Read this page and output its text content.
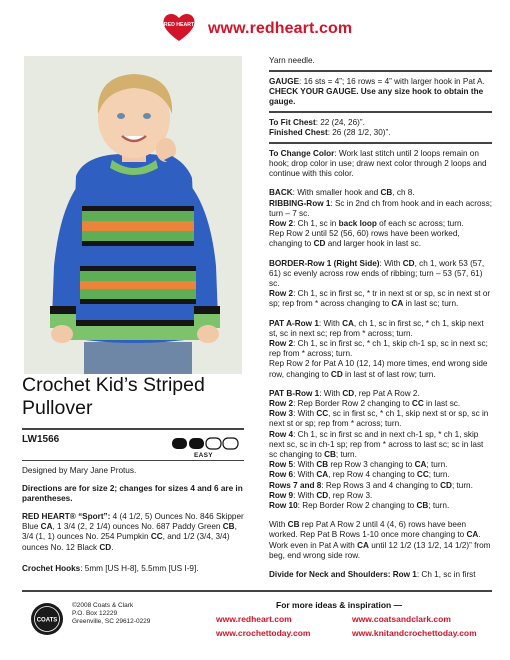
RED HEART www.redheart.com
Crochet Kid’s Striped Pullover
LW1566
EASY
Designed by Mary Jane Protus.
Directions are for size 2; changes for sizes 4 and 6 are in parentheses.
RED HEART® “Sport”: 4 (4 1/2, 5) Ounces No. 846 Skipper Blue CA, 1 3/4 (2, 2 1/4) ounces No. 687 Paddy Green CB, 3/4 (1, 1) ounces No. 254 Pumpkin CC, and 1/2 (3/4, 3/4) ounces No. 12 Black CD.
Crochet Hooks: 5mm [US H-8], 5.5mm [US I-9].

Yarn needle.

GAUGE: 16 sts = 4”; 16 rows = 4” with larger hook in Pat A. CHECK YOUR GAUGE. Use any size hook to obtain the gauge.

To Fit Chest: 22 (24, 26)”.

Finished Chest: 26 (28 1/2, 30)”.

To Change Color: Work last stitch until 2 loops remain on hook; drop color in use; draw next color through 2 loops and continue with this color.

BACK: With smaller hook and CB, ch 8.
RIBBING-Row 1: Sc in 2nd ch from hook and in each across; turn – 7 sc.
Row 2: Ch 1, sc in back loop of each sc across; turn.
Rep Row 2 until 52 (56, 60) rows have been worked, changing to CD and larger hook in last sc.

BORDER-Row 1 (Right Side): With CD, ch 1, work 53 (57, 61) sc evenly across row ends of ribbing; turn – 53 (57, 61) sc.
Row 2: Ch 1, sc in first sc, * tr in next st or sp, sc in next st or sp; rep from * across changing to CA in last sc; turn.

PAT A-Row 1: With CA, ch 1, sc in first sc, * ch 1, skip next st, sc in next sc; rep from * across; turn.
Row 2: Ch 1, sc in first sc, * ch 1, skip ch-1 sp, sc in next sc; rep from * across; turn.
Rep Row 2 for Pat A 10 (12, 14) more times, end wrong side row, changing to CD in last st of last row; turn.

PAT B-Row 1: With CD, rep Pat A Row 2.
Row 2: Rep Border Row 2 changing to CC in last sc.
Row 3: With CC, sc in first sc, * ch 1, skip next st or sp, sc in next st or sp; rep from * across; turn.
Row 4: Ch 1, sc in first sc and in next ch-1 sp, * ch 1, skip next sc, sc in ch-1 sp; rep from * across to last sc; sc in last sc changing to CB; turn.
Row 5: With CB rep Row 3 changing to CA; turn.
Row 6: With CA, rep Row 4 changing to CC; turn.
Rows 7 and 8: Rep Rows 3 and 4 changing to CD; turn.
Row 9: With CD, rep Row 3.
Row 10: Rep Border Row 2 changing to CB; turn.

With CB rep Pat A Row 2 until 4 (4, 6) rows have been worked. Rep Pat B Rows 1-10 once more changing to CA. Work even in Pat A with CA until 12 1/2 (13 1/2, 14 1/2)” from beg, end wrong side row.

Divide for Neck and Shoulders: Row 1: Ch 1, sc in first

COATS
©2008 Coats & Clark
P.O. Box 12229
Greenville, SC 29612-0229
For more ideas & inspiration —
www.redheart.com	www.coatsandclark.com
www.crochettoday.com	www.knitandcrochettoday.com
